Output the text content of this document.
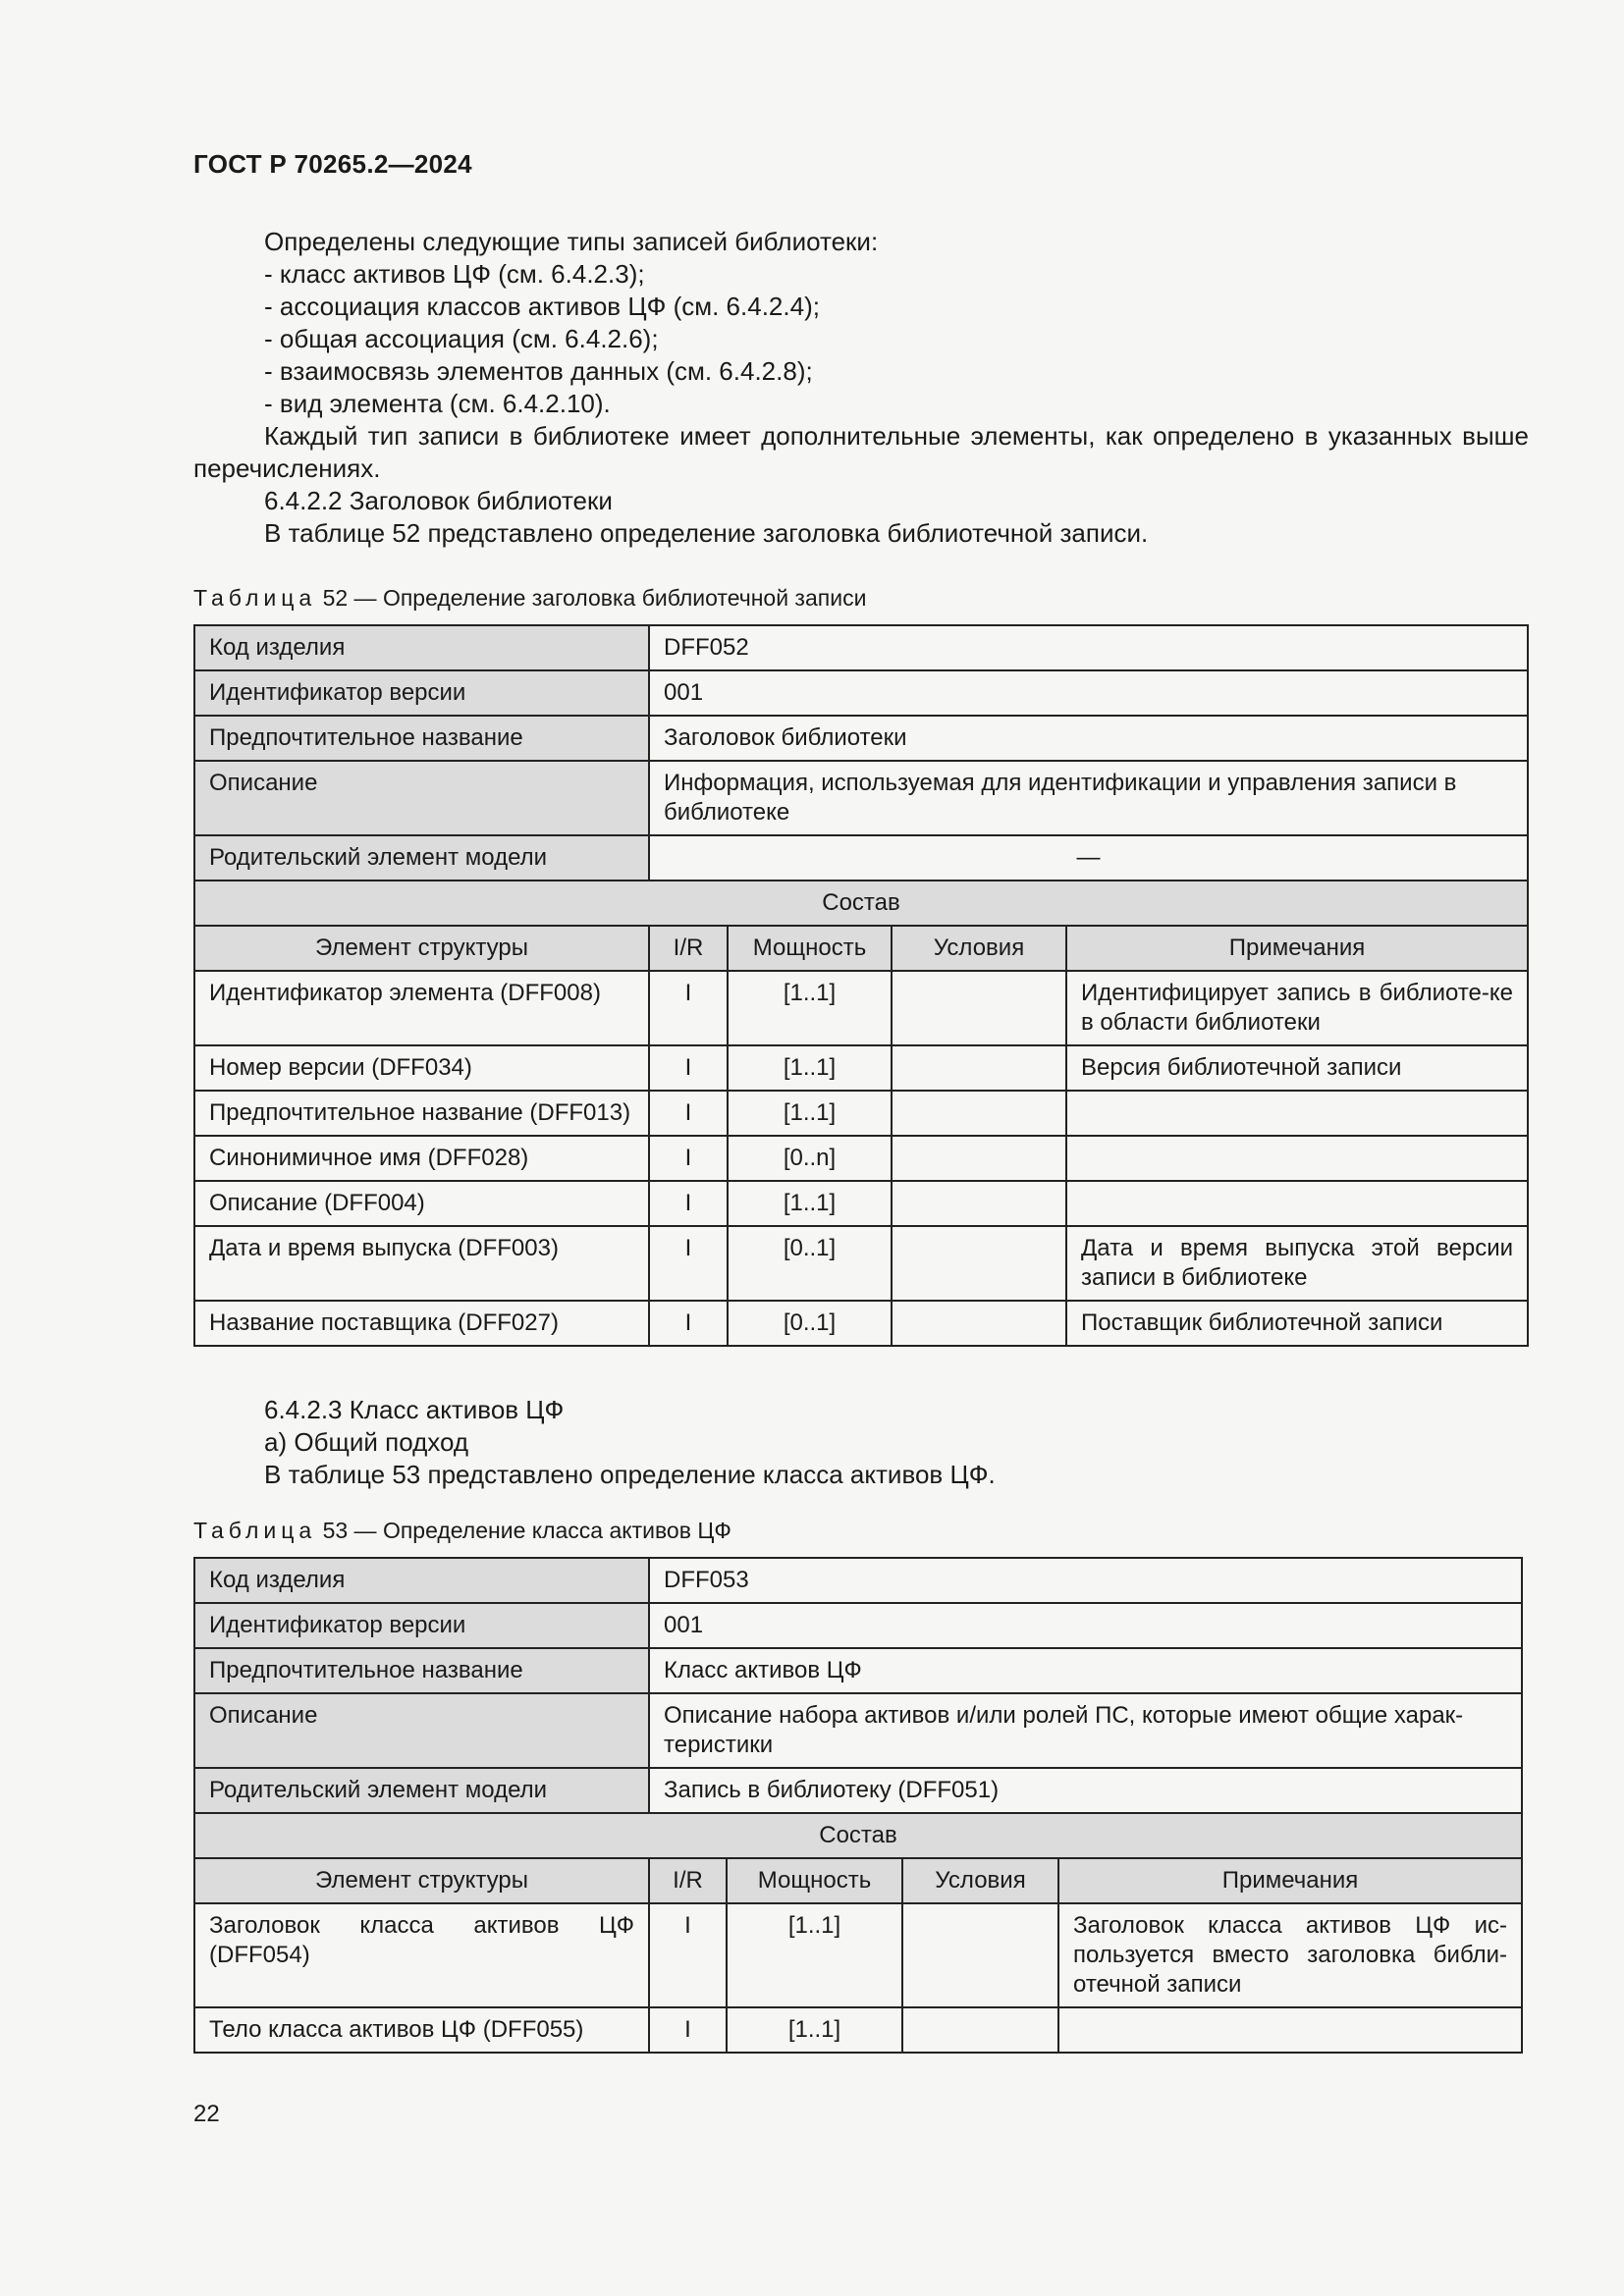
ГОСТ Р 70265.2—2024

Определены следующие типы записей библиотеки:

- класс активов ЦФ (см. 6.4.2.3);

- ассоциация классов активов ЦФ (см. 6.4.2.4);

- общая ассоциация (см. 6.4.2.6);

- взаимосвязь элементов данных (см. 6.4.2.8);

- вид элемента (см. 6.4.2.10).

Каждый тип записи в библиотеке имеет дополнительные элементы, как определено в указанных выше перечислениях.

6.4.2.2 Заголовок библиотеки

В таблице 52 представлено определение заголовка библиотечной записи.

Таблица 52 — Определение заголовка библиотечной записи
Код изделия	DFF052			
Идентификатор версии	001			
Предпочтительное название	Заголовок библиотеки			
Описание	Информация, используемая для идентификации и управления записи в библиотеке			
Родительский элемент модели	—			
Состав				
Элемент структуры	I/R	Мощность	Условия	Примечания
Идентификатор элемента (DFF008)	I	[1..1]		Идентифицирует запись в библиоте-ке в области библиотеки
Номер версии (DFF034)	I	[1..1]		Версия библиотечной записи
Предпочтительное название (DFF013)	I	[1..1]		
Синонимичное имя (DFF028)	I	[0..n]		
Описание (DFF004)	I	[1..1]		
Дата и время выпуска (DFF003)	I	[0..1]		Дата и время выпуска этой версии записи в библиотеке
Название поставщика (DFF027)	I	[0..1]		Поставщик библиотечной записи

6.4.2.3 Класс активов ЦФ

а) Общий подход

В таблице 53 представлено определение класса активов ЦФ.

Таблица 53 — Определение класса активов ЦФ
Код изделия	DFF053			
Идентификатор версии	001			
Предпочтительное название	Класс активов ЦФ			
Описание	Описание набора активов и/или ролей ПС, которые имеют общие харак-теристики			
Родительский элемент модели	Запись в библиотеку (DFF051)			
Состав				
Элемент структуры	I/R	Мощность	Условия	Примечания
Заголовок класса активов ЦФ (DFF054)	I	[1..1]		Заголовок класса активов ЦФ ис-пользуется вместо заголовка библи-отечной записи
Тело класса активов ЦФ (DFF055)	I	[1..1]		
22
